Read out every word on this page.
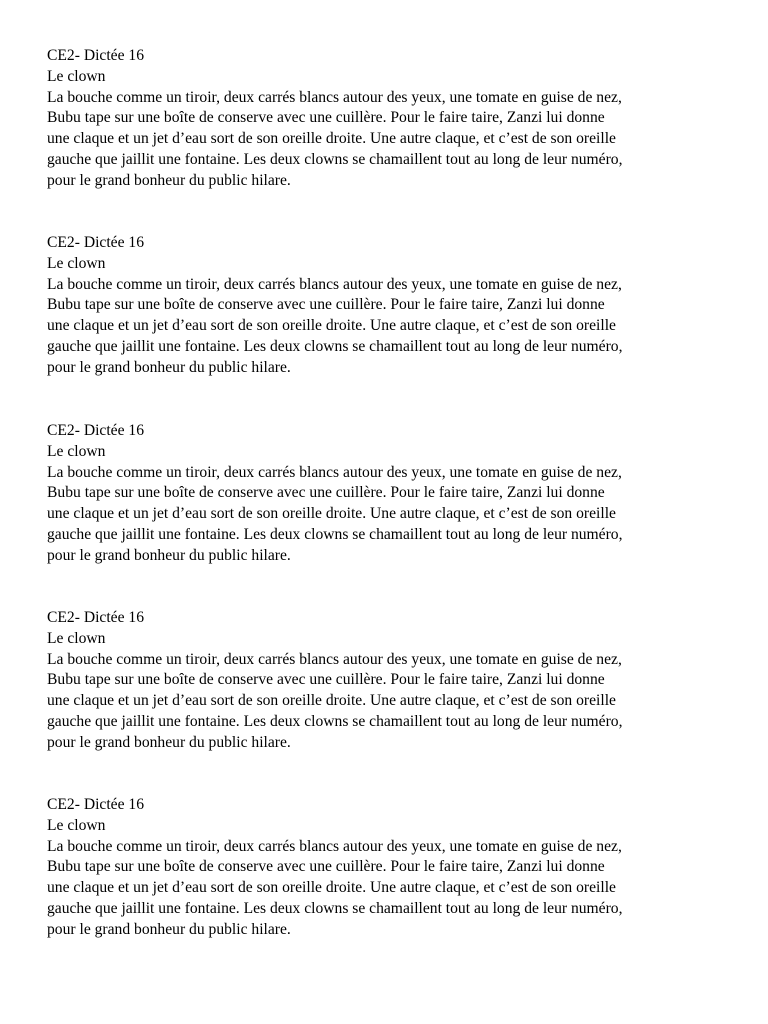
CE2- Dictée 16
Le clown
La bouche comme un tiroir, deux carrés blancs autour des yeux, une tomate en guise de nez,
Bubu tape sur une boîte de conserve avec une cuillère. Pour le faire taire, Zanzi lui donne
une claque et un jet d’eau sort de son oreille droite. Une autre claque, et c’est de son oreille
gauche que jaillit une fontaine. Les deux clowns se chamaillent tout au long de leur numéro,
pour le grand bonheur du public hilare.
CE2- Dictée 16
Le clown
La bouche comme un tiroir, deux carrés blancs autour des yeux, une tomate en guise de nez,
Bubu tape sur une boîte de conserve avec une cuillère. Pour le faire taire, Zanzi lui donne
une claque et un jet d’eau sort de son oreille droite. Une autre claque, et c’est de son oreille
gauche que jaillit une fontaine. Les deux clowns se chamaillent tout au long de leur numéro,
pour le grand bonheur du public hilare.
CE2- Dictée 16
Le clown
La bouche comme un tiroir, deux carrés blancs autour des yeux, une tomate en guise de nez,
Bubu tape sur une boîte de conserve avec une cuillère. Pour le faire taire, Zanzi lui donne
une claque et un jet d’eau sort de son oreille droite. Une autre claque, et c’est de son oreille
gauche que jaillit une fontaine. Les deux clowns se chamaillent tout au long de leur numéro,
pour le grand bonheur du public hilare.
CE2- Dictée 16
Le clown
La bouche comme un tiroir, deux carrés blancs autour des yeux, une tomate en guise de nez,
Bubu tape sur une boîte de conserve avec une cuillère. Pour le faire taire, Zanzi lui donne
une claque et un jet d’eau sort de son oreille droite. Une autre claque, et c’est de son oreille
gauche que jaillit une fontaine. Les deux clowns se chamaillent tout au long de leur numéro,
pour le grand bonheur du public hilare.
CE2- Dictée 16
Le clown
La bouche comme un tiroir, deux carrés blancs autour des yeux, une tomate en guise de nez,
Bubu tape sur une boîte de conserve avec une cuillère. Pour le faire taire, Zanzi lui donne
une claque et un jet d’eau sort de son oreille droite. Une autre claque, et c’est de son oreille
gauche que jaillit une fontaine. Les deux clowns se chamaillent tout au long de leur numéro,
pour le grand bonheur du public hilare.
